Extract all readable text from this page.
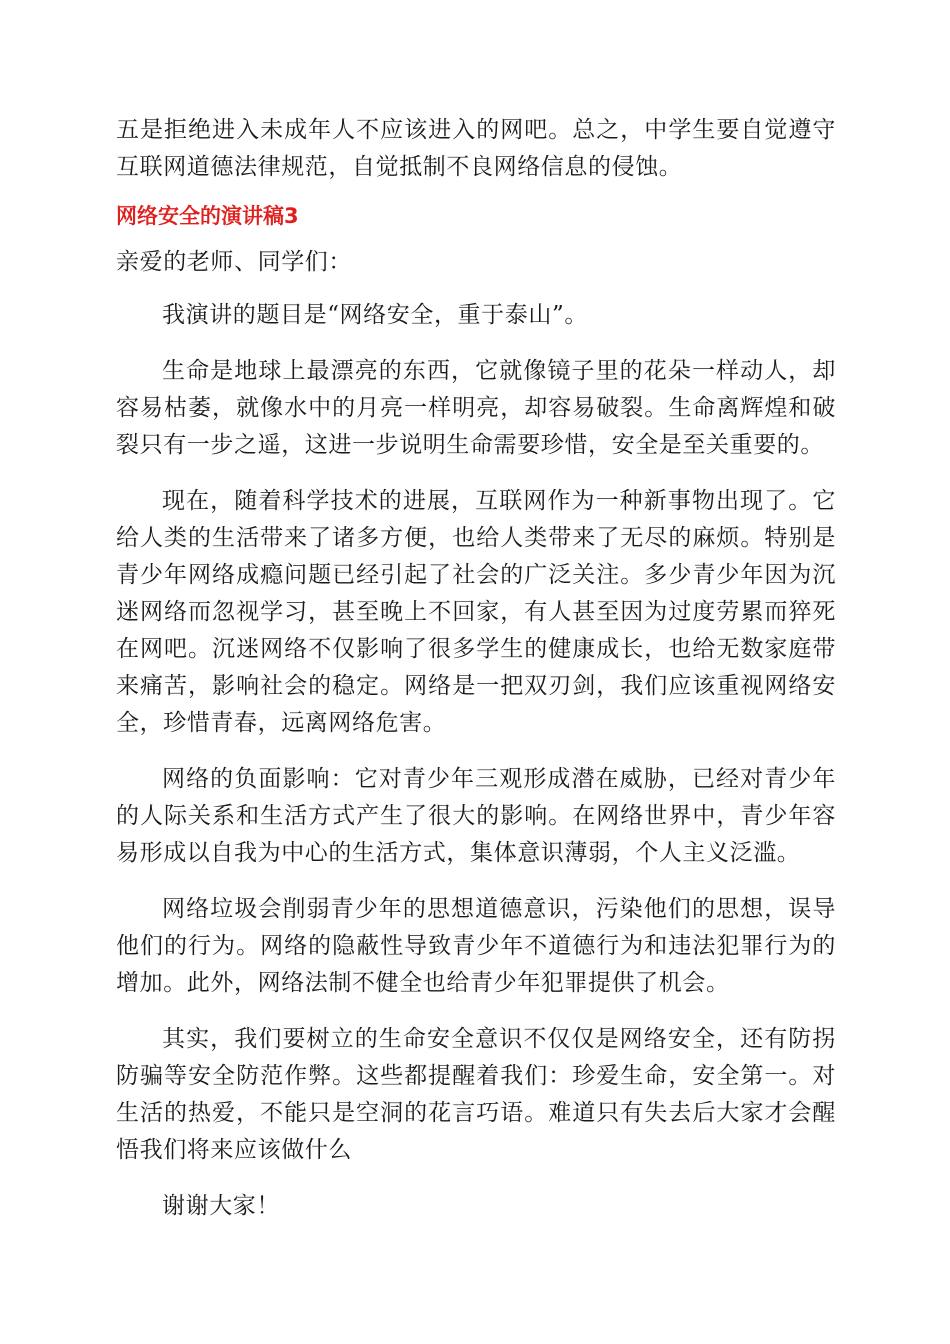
五是拒绝进入未成年人不应该进入的网吧。总之，中学生要自觉遵守互联网道德法律规范，自觉抵制不良网络信息的侵蚀。

网络安全的演讲稿3

亲爱的老师、同学们：

我演讲的题目是“网络安全，重于泰山”。

生命是地球上最漂亮的东西，它就像镜子里的花朵一样动人，却容易枯萎，就像水中的月亮一样明亮，却容易破裂。生命离辉煌和破裂只有一步之遥，这进一步说明生命需要珍惜，安全是至关重要的。

现在，随着科学技术的进展，互联网作为一种新事物出现了。它给人类的生活带来了诸多方便，也给人类带来了无尽的麻烦。特别是青少年网络成瘾问题已经引起了社会的广泛关注。多少青少年因为沉迷网络而忽视学习，甚至晚上不回家，有人甚至因为过度劳累而猝死在网吧。沉迷网络不仅影响了很多学生的健康成长，也给无数家庭带来痛苦，影响社会的稳定。网络是一把双刃剑，我们应该重视网络安全，珍惜青春，远离网络危害。

网络的负面影响：它对青少年三观形成潜在威胁，已经对青少年的人际关系和生活方式产生了很大的影响。在网络世界中，青少年容易形成以自我为中心的生活方式，集体意识薄弱，个人主义泛滥。

网络垃圾会削弱青少年的思想道德意识，污染他们的思想，误导他们的行为。网络的隐蔽性导致青少年不道德行为和违法犯罪行为的增加。此外，网络法制不健全也给青少年犯罪提供了机会。

其实，我们要树立的生命安全意识不仅仅是网络安全，还有防拐防骗等安全防范作弊。这些都提醒着我们：珍爱生命，安全第一。对生活的热爱，不能只是空洞的花言巧语。难道只有失去后大家才会醒悟我们将来应该做什么

谢谢大家！
